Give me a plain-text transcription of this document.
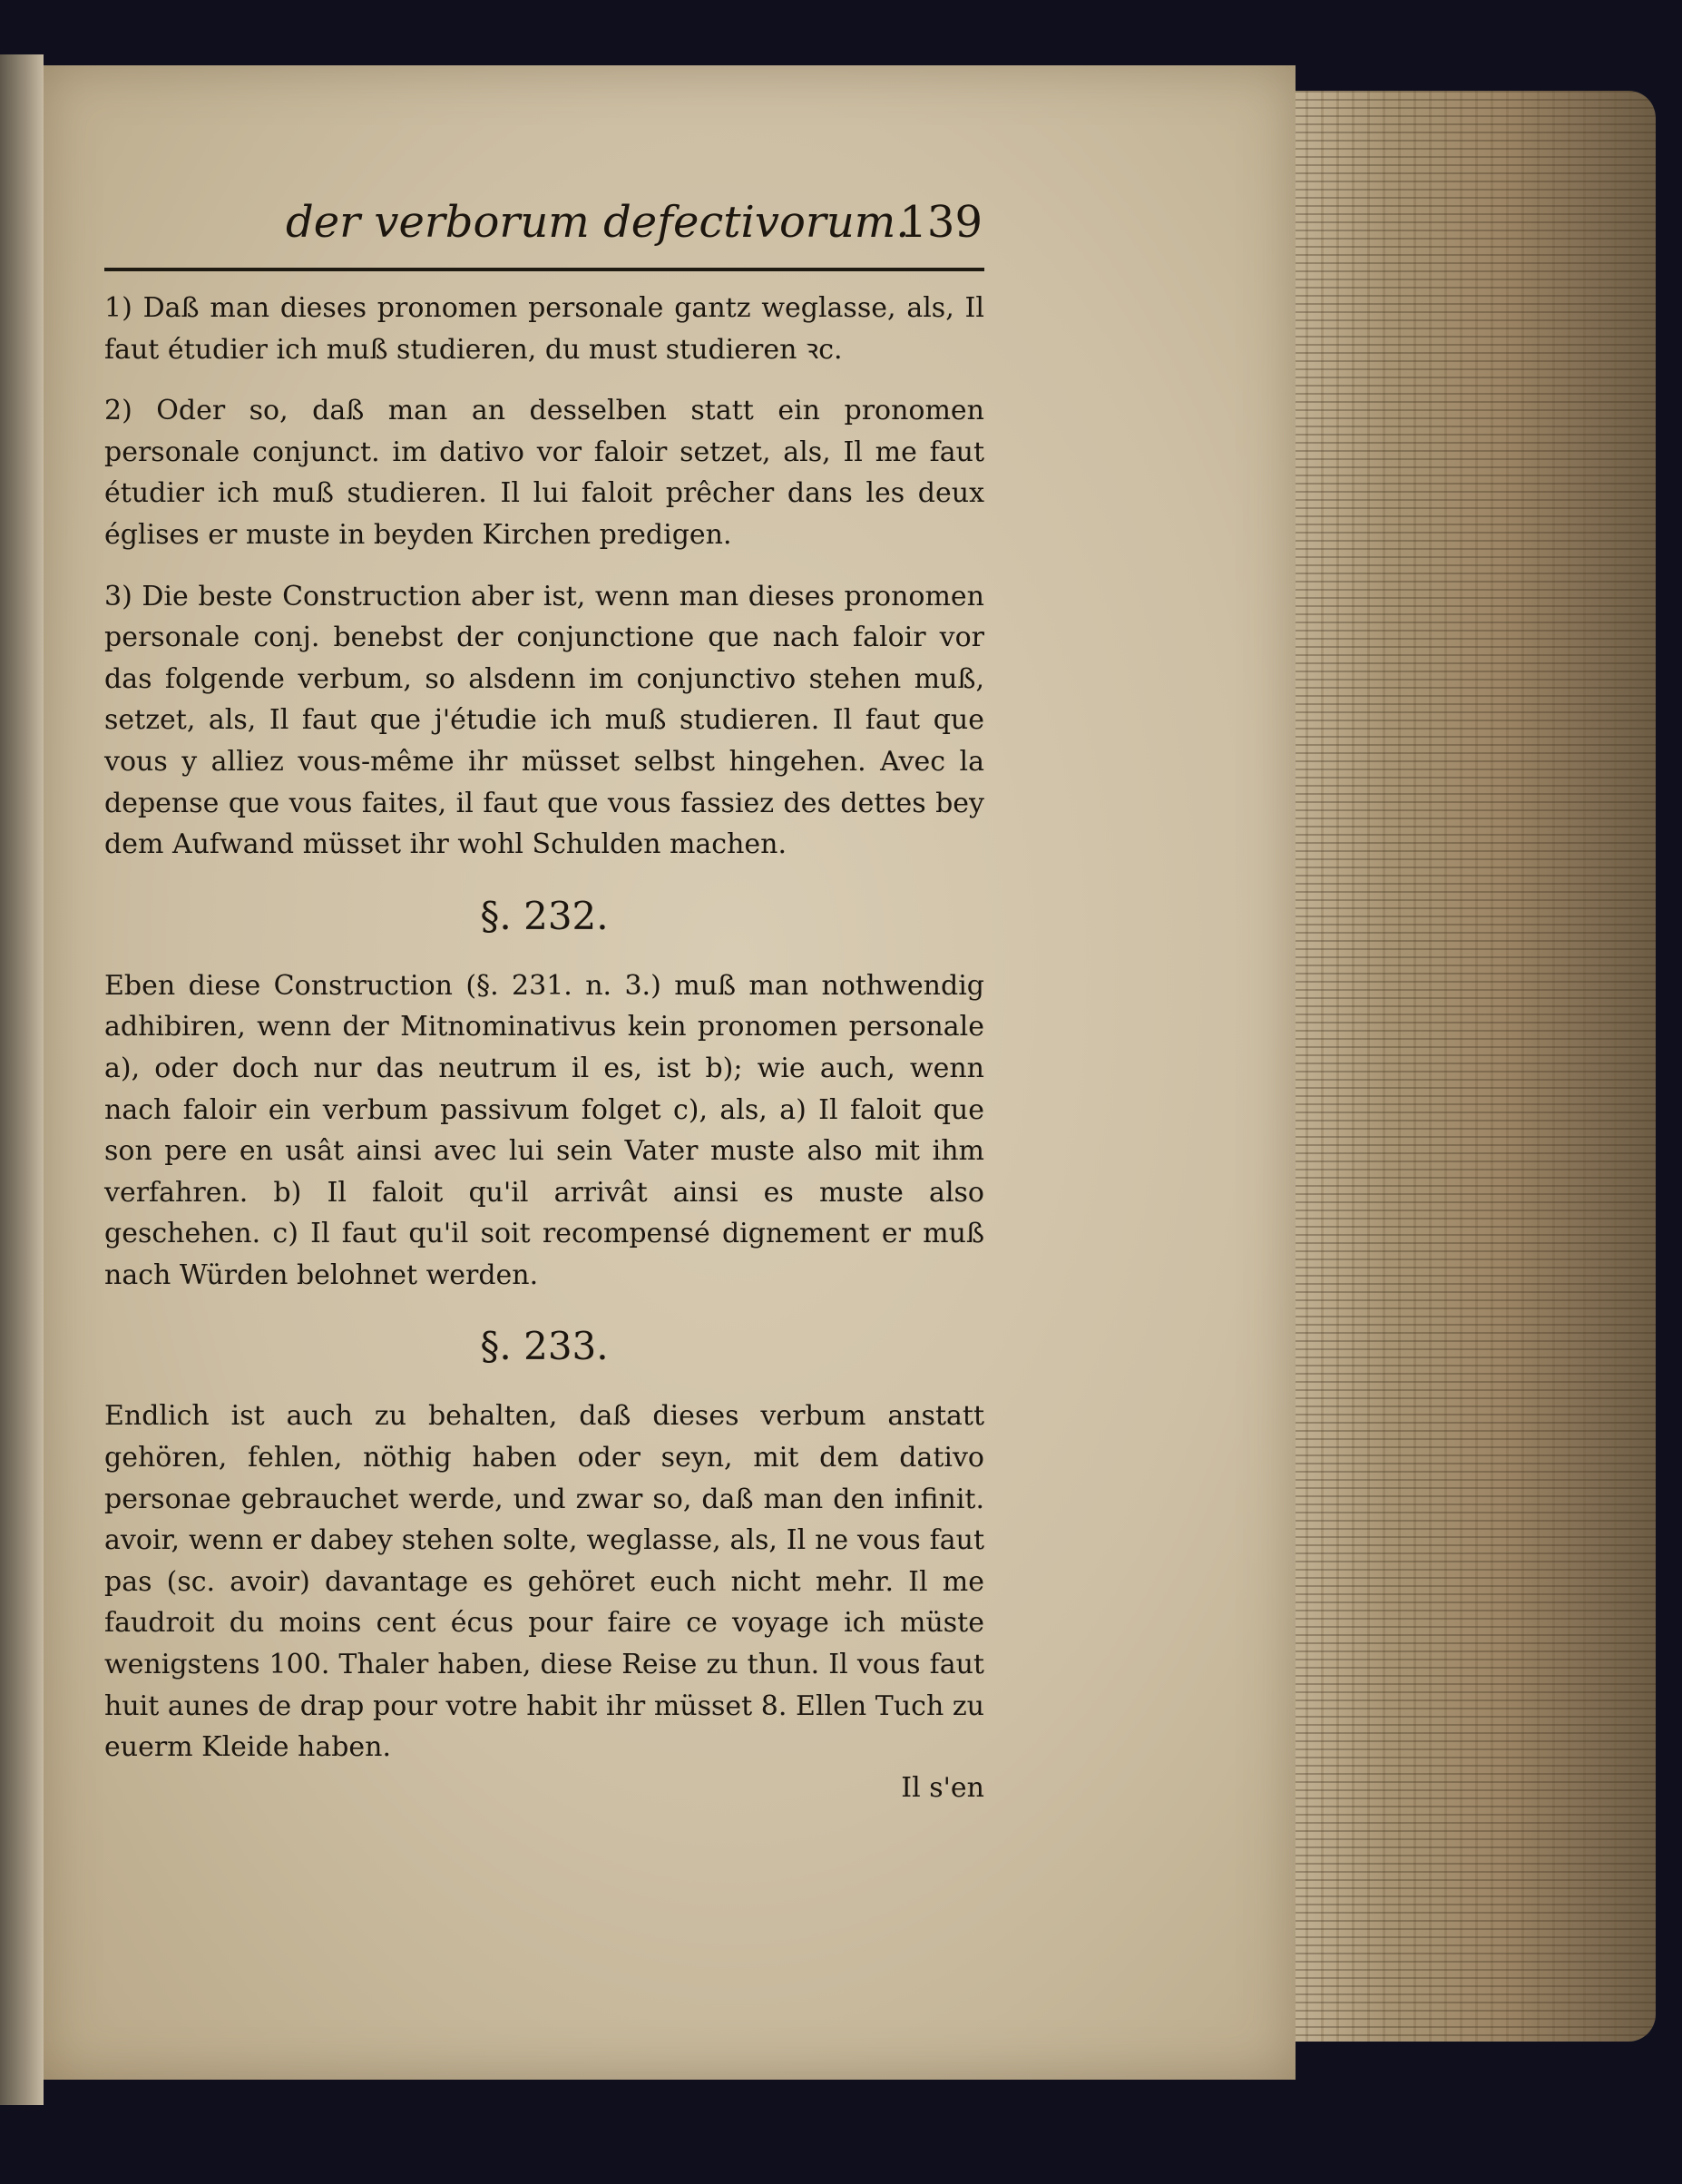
der verborum defectivorum.
139

1) Daß man dieses pronomen personale gantz weglasse, als, Il faut étudier ich muß studieren, du must studieren ꝛc.

2) Oder so, daß man an desselben statt ein pronomen personale conjunct. im dativo vor faloir setzet, als, Il me faut étudier ich muß studieren. Il lui faloit prêcher dans les deux églises er muste in beyden Kirchen predigen.

3) Die beste Construction aber ist, wenn man dieses pronomen personale conj. benebst der conjunctione que nach faloir vor das folgende verbum, so alsdenn im conjunctivo stehen muß, setzet, als, Il faut que j'étudie ich muß studieren. Il faut que vous y alliez vous-même ihr müsset selbst hingehen. Avec la depense que vous faites, il faut que vous fassiez des dettes bey dem Aufwand müsset ihr wohl Schulden machen.

§. 232.

Eben diese Construction (§. 231. n. 3.) muß man nothwendig adhibiren, wenn der Mitnominativus kein pronomen personale a), oder doch nur das neutrum il es, ist b); wie auch, wenn nach faloir ein verbum passivum folget c), als, a) Il faloit que son pere en usât ainsi avec lui sein Vater muste also mit ihm verfahren. b) Il faloit qu'il arrivât ainsi es muste also geschehen. c) Il faut qu'il soit recompensé dignement er muß nach Würden belohnet werden.

§. 233.

Endlich ist auch zu behalten, daß dieses verbum anstatt gehören, fehlen, nöthig haben oder seyn, mit dem dativo personae gebrauchet werde, und zwar so, daß man den infinit. avoir, wenn er dabey stehen solte, weglasse, als, Il ne vous faut pas (sc. avoir) davantage es gehöret euch nicht mehr. Il me faudroit du moins cent écus pour faire ce voyage ich müste wenigstens 100. Thaler haben, diese Reise zu thun. Il vous faut huit aunes de drap pour votre habit ihr müsset 8. Ellen Tuch zu euerm Kleide haben.

Il s'en
